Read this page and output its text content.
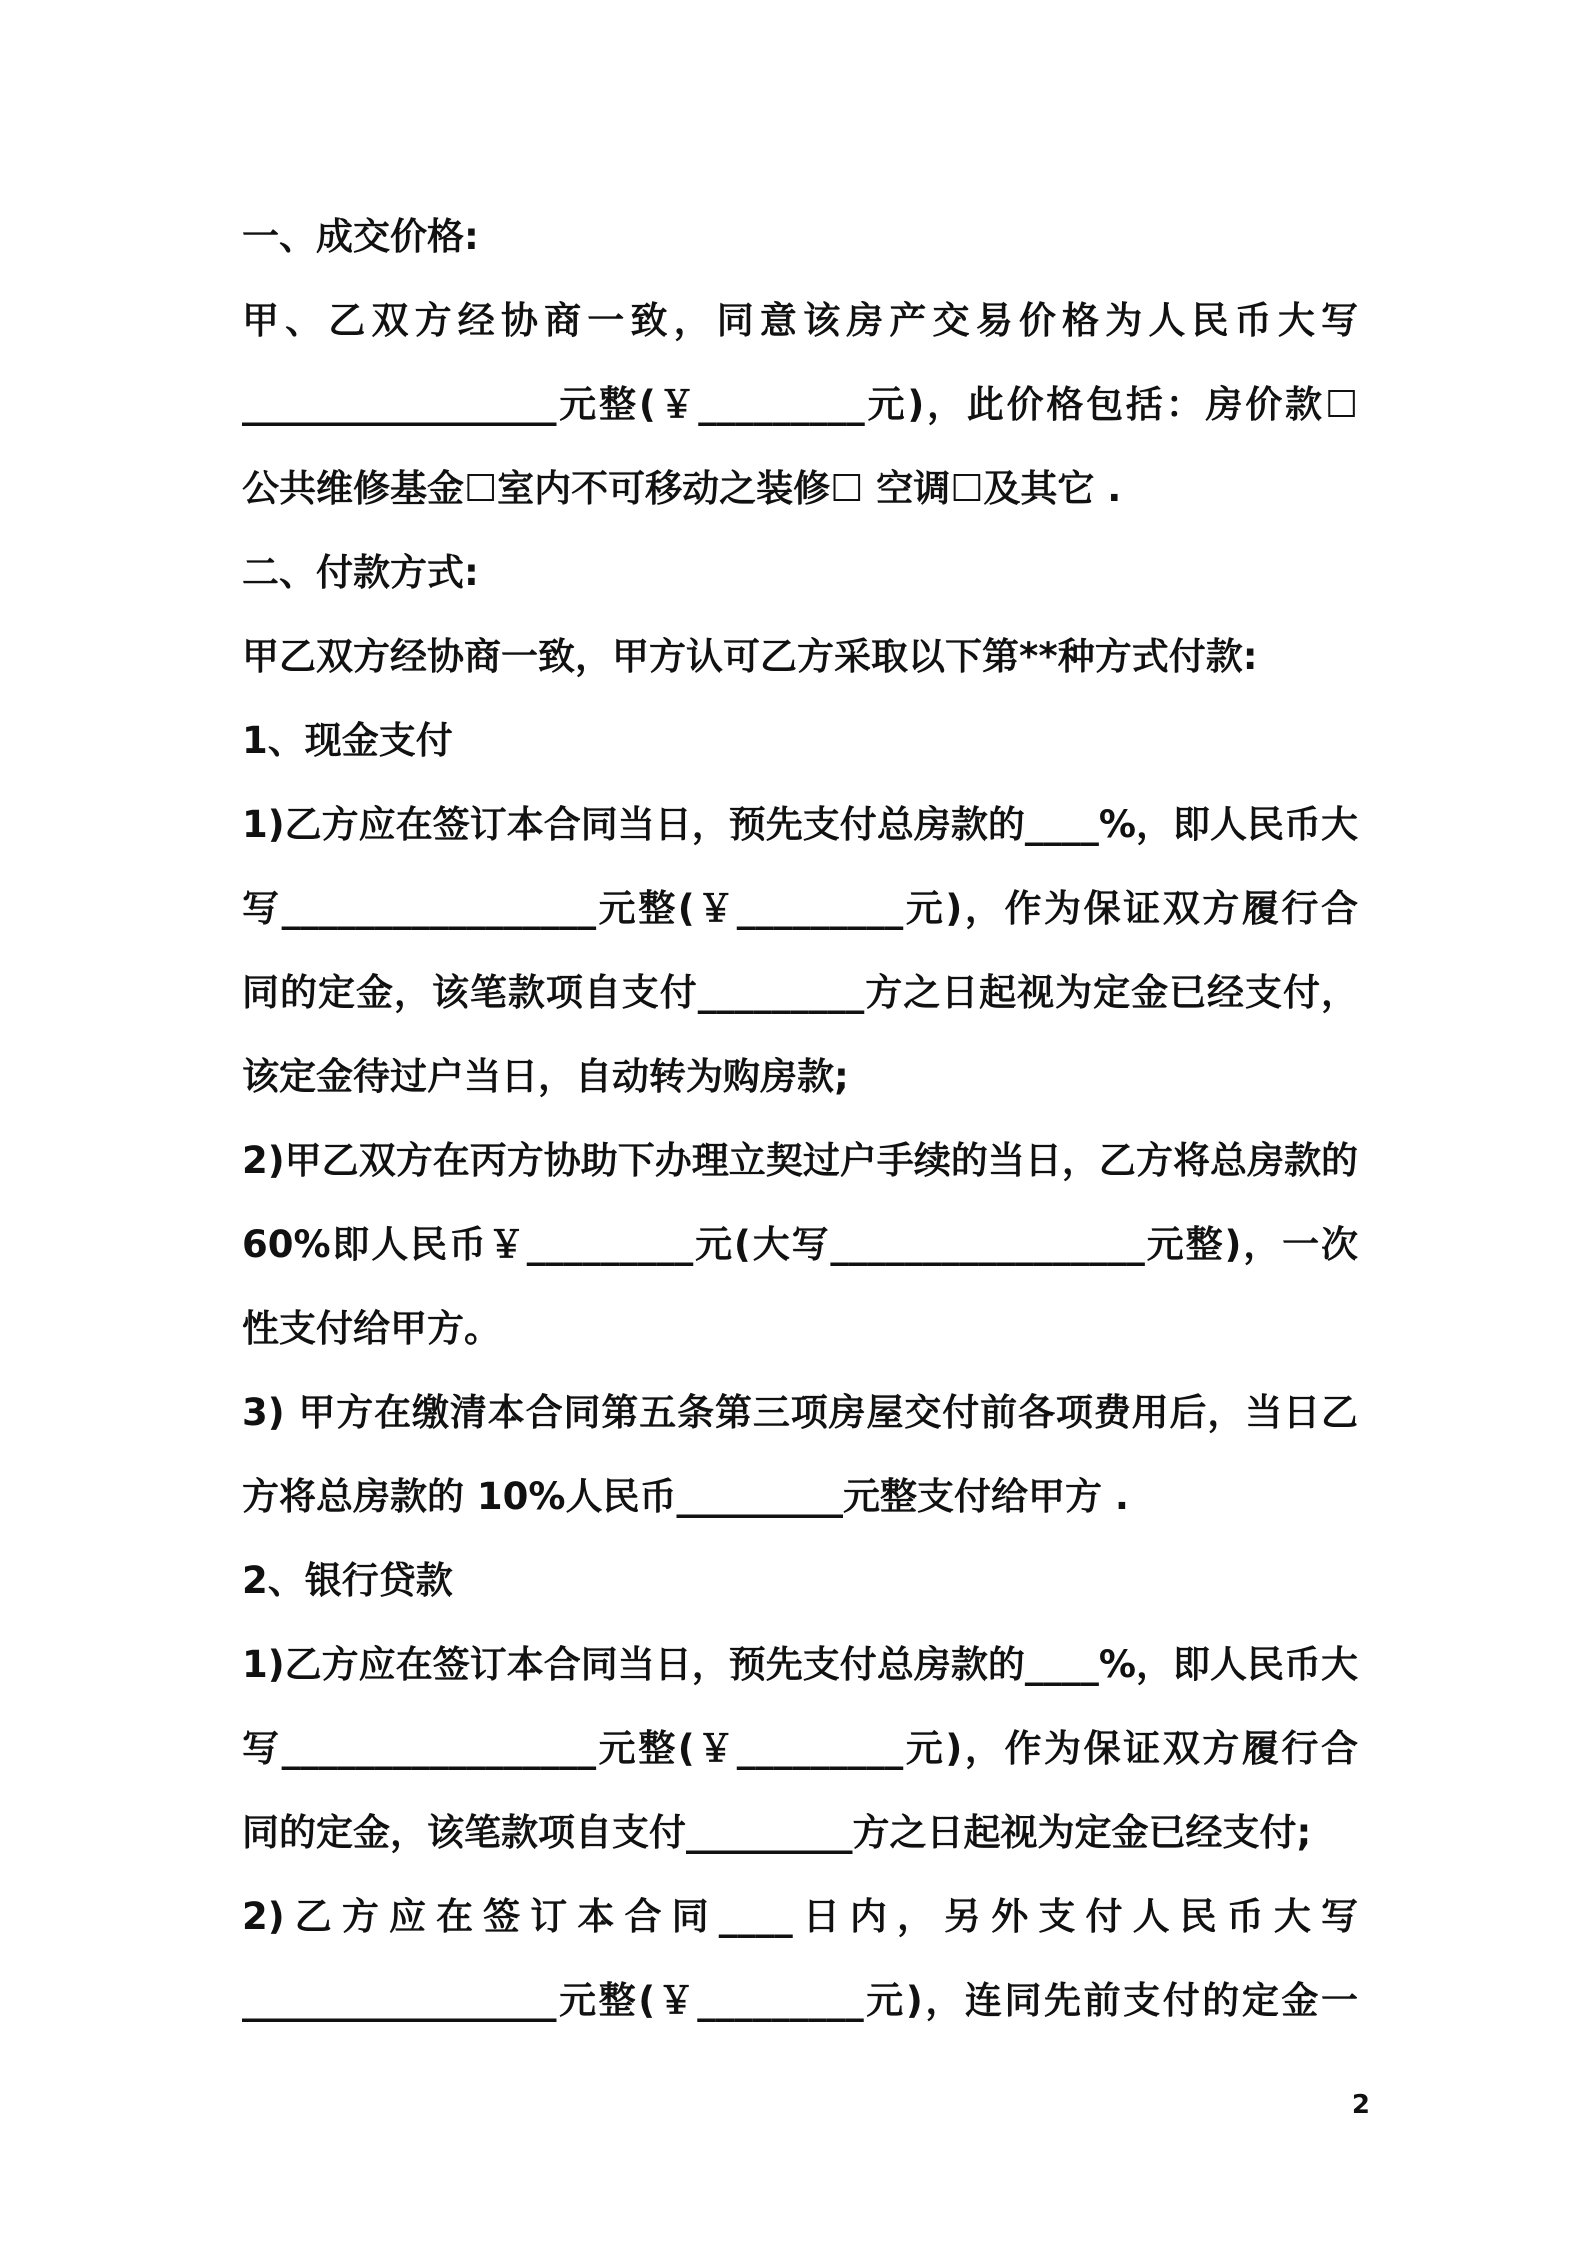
一、成交价格:
甲、乙双方经协商一致，同意该房产交易价格为人民币大写
_________________元整(￥_________元)，此价格包括：房价款☐
公共维修基金☐室内不可移动之装修☐ 空调☐及其它 .
二、付款方式:
甲乙双方经协商一致，甲方认可乙方采取以下第**种方式付款:
1、现金支付
1)乙方应在签订本合同当日，预先支付总房款的____%，即人民币大
写_________________元整(￥_________元)，作为保证双方履行合
同的定金，该笔款项自支付_________方之日起视为定金已经支付，
该定金待过户当日，自动转为购房款;
2)甲乙双方在丙方协助下办理立契过户手续的当日，乙方将总房款的
60%即人民币￥_________元(大写_________________元整)，一次
性支付给甲方。
3) 甲方在缴清本合同第五条第三项房屋交付前各项费用后，当日乙
方将总房款的 10%人民币_________元整支付给甲方 .
2、银行贷款
1)乙方应在签订本合同当日，预先支付总房款的____%，即人民币大
写_________________元整(￥_________元)，作为保证双方履行合
同的定金，该笔款项自支付_________方之日起视为定金已经支付;
2)乙方应在签订本合同____日内，另外支付人民币大写
_________________元整(￥_________元)，连同先前支付的定金一
2
